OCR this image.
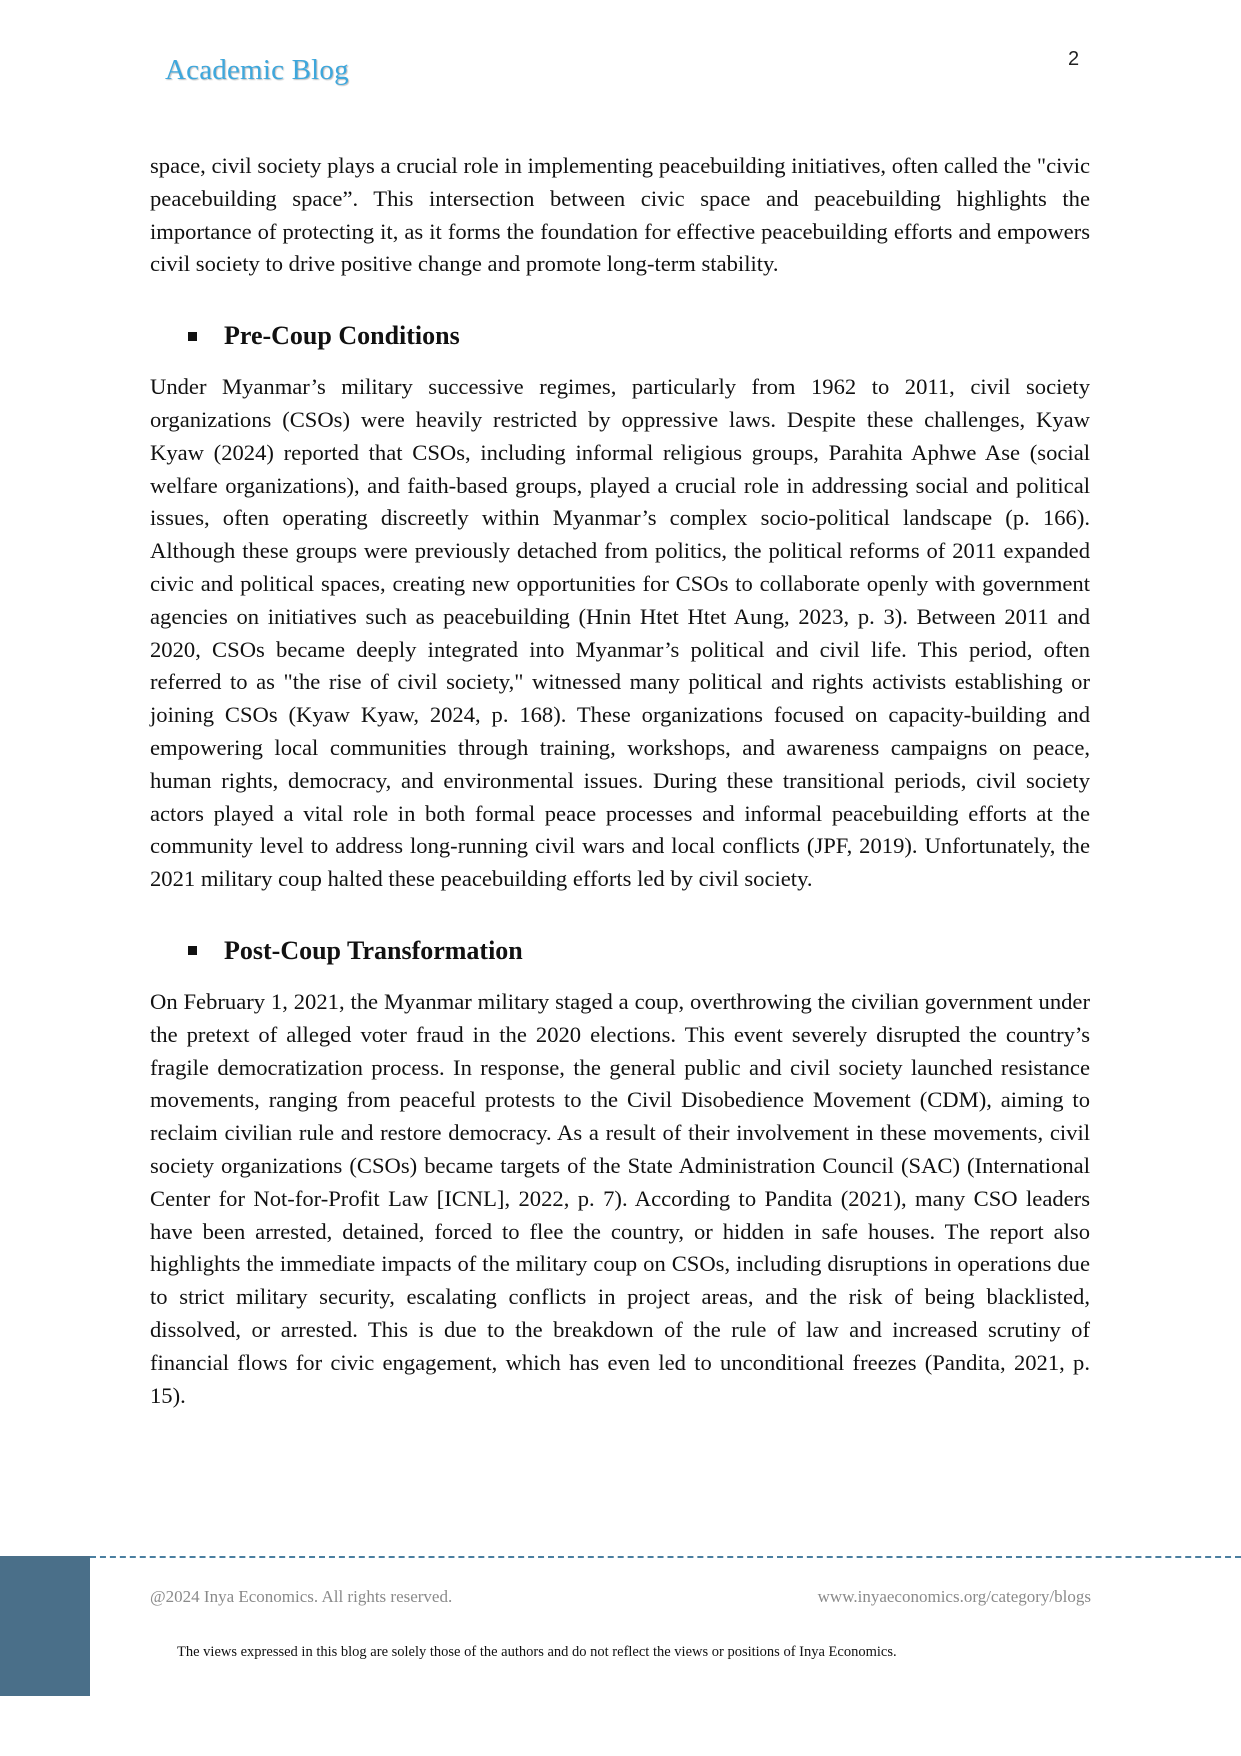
Academic Blog	2

space, civil society plays a crucial role in implementing peacebuilding initiatives, often called the "civic peacebuilding space”. This intersection between civic space and peacebuilding highlights the importance of protecting it, as it forms the foundation for effective peacebuilding efforts and empowers civil society to drive positive change and promote long-term stability.

Pre-Coup Conditions

Under Myanmar’s military successive regimes, particularly from 1962 to 2011, civil society organizations (CSOs) were heavily restricted by oppressive laws. Despite these challenges, Kyaw Kyaw (2024) reported that CSOs, including informal religious groups, Parahita Aphwe Ase (social welfare organizations), and faith-based groups, played a crucial role in addressing social and political issues, often operating discreetly within Myanmar’s complex socio-political landscape (p. 166). Although these groups were previously detached from politics, the political reforms of 2011 expanded civic and political spaces, creating new opportunities for CSOs to collaborate openly with government agencies on initiatives such as peacebuilding (Hnin Htet Htet Aung, 2023, p. 3). Between 2011 and 2020, CSOs became deeply integrated into Myanmar’s political and civil life. This period, often referred to as "the rise of civil society," witnessed many political and rights activists establishing or joining CSOs (Kyaw Kyaw, 2024, p. 168). These organizations focused on capacity-building and empowering local communities through training, workshops, and awareness campaigns on peace, human rights, democracy, and environmental issues. During these transitional periods, civil society actors played a vital role in both formal peace processes and informal peacebuilding efforts at the community level to address long-running civil wars and local conflicts (JPF, 2019). Unfortunately, the 2021 military coup halted these peacebuilding efforts led by civil society.

Post-Coup Transformation

On February 1, 2021, the Myanmar military staged a coup, overthrowing the civilian government under the pretext of alleged voter fraud in the 2020 elections. This event severely disrupted the country’s fragile democratization process. In response, the general public and civil society launched resistance movements, ranging from peaceful protests to the Civil Disobedience Movement (CDM), aiming to reclaim civilian rule and restore democracy. As a result of their involvement in these movements, civil society organizations (CSOs) became targets of the State Administration Council (SAC) (International Center for Not-for-Profit Law [ICNL], 2022, p. 7). According to Pandita (2021), many CSO leaders have been arrested, detained, forced to flee the country, or hidden in safe houses. The report also highlights the immediate impacts of the military coup on CSOs, including disruptions in operations due to strict military security, escalating conflicts in project areas, and the risk of being blacklisted, dissolved, or arrested. This is due to the breakdown of the rule of law and increased scrutiny of financial flows for civic engagement, which has even led to unconditional freezes (Pandita, 2021, p. 15).

@2024 Inya Economics. All rights reserved.	www.inyaeconomics.org/category/blogs
The views expressed in this blog are solely those of the authors and do not reflect the views or positions of Inya Economics.
